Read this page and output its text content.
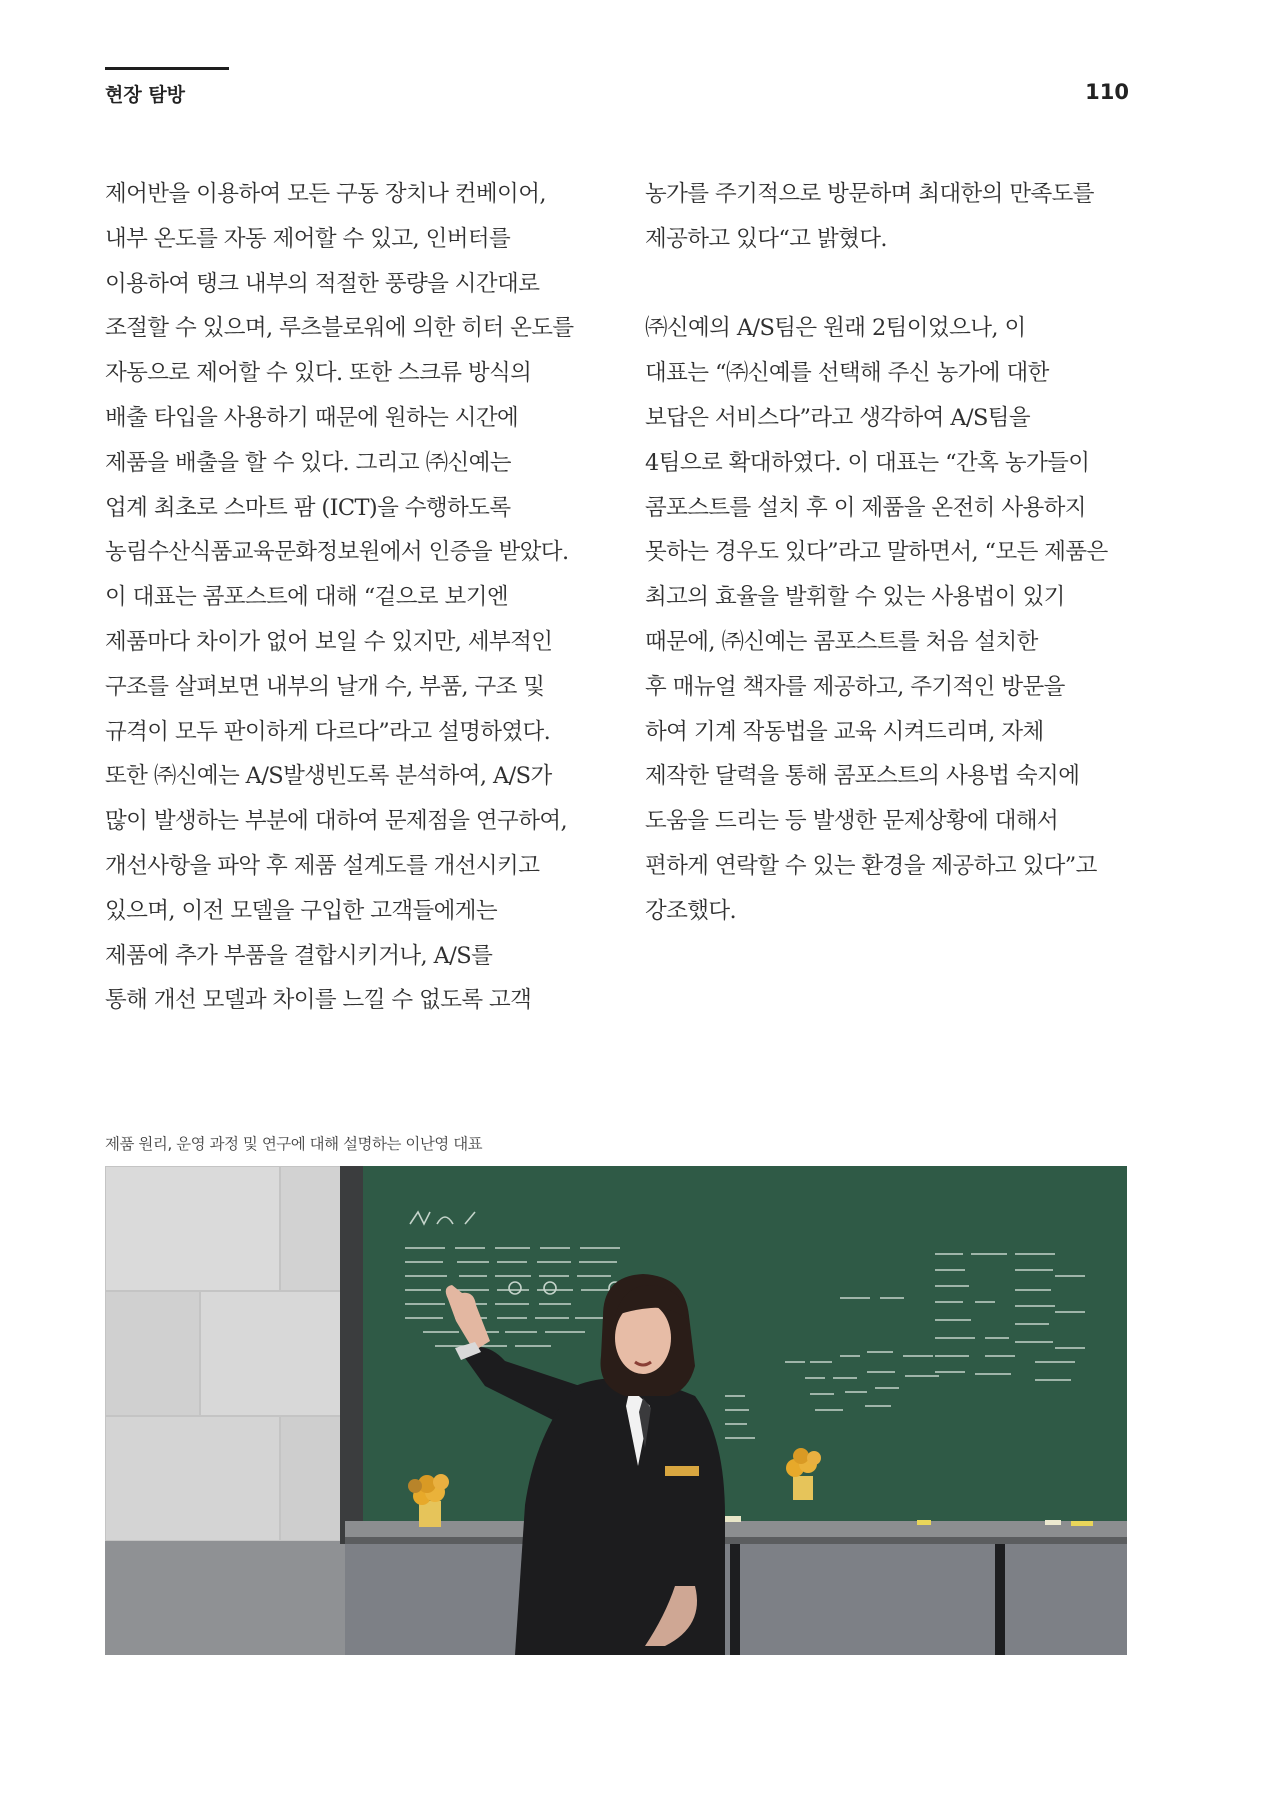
현장 탐방	110
제어반을 이용하여 모든 구동 장치나 컨베이어,
내부 온도를 자동 제어할 수 있고, 인버터를
이용하여 탱크 내부의 적절한 풍량을 시간대로
조절할 수 있으며, 루츠블로워에 의한 히터 온도를
자동으로 제어할 수 있다. 또한 스크류 방식의
배출 타입을 사용하기 때문에 원하는 시간에
제품을 배출을 할 수 있다. 그리고 ㈜신예는
업계 최초로 스마트 팜 (ICT)을 수행하도록
농림수산식품교육문화정보원에서 인증을 받았다.
이 대표는 콤포스트에 대해 “겉으로 보기엔
제품마다 차이가 없어 보일 수 있지만, 세부적인
구조를 살펴보면 내부의 날개 수, 부품, 구조 및
규격이 모두 판이하게 다르다”라고 설명하였다.
또한 ㈜신예는 A/S발생빈도록 분석하여, A/S가
많이 발생하는 부분에 대하여 문제점을 연구하여,
개선사항을 파악 후 제품 설계도를 개선시키고
있으며, 이전 모델을 구입한 고객들에게는
제품에 추가 부품을 결합시키거나, A/S를
통해 개선 모델과 차이를 느낄 수 없도록 고객
농가를 주기적으로 방문하며 최대한의 만족도를
제공하고 있다“고 밝혔다.
㈜신예의 A/S팀은 원래 2팀이었으나, 이
대표는 “㈜신예를 선택해 주신 농가에 대한
보답은 서비스다”라고 생각하여 A/S팀을
4팀으로 확대하였다. 이 대표는 “간혹 농가들이
콤포스트를 설치 후 이 제품을 온전히 사용하지
못하는 경우도 있다”라고 말하면서, “모든 제품은
최고의 효율을 발휘할 수 있는 사용법이 있기
때문에, ㈜신예는 콤포스트를 처음 설치한
후 매뉴얼 책자를 제공하고, 주기적인 방문을
하여 기계 작동법을 교육 시켜드리며, 자체
제작한 달력을 통해 콤포스트의 사용법 숙지에
도움을 드리는 등 발생한 문제상황에 대해서
편하게 연락할 수 있는 환경을 제공하고 있다”고
강조했다.
제품 원리, 운영 과정 및 연구에 대해 설명하는 이난영 대표
